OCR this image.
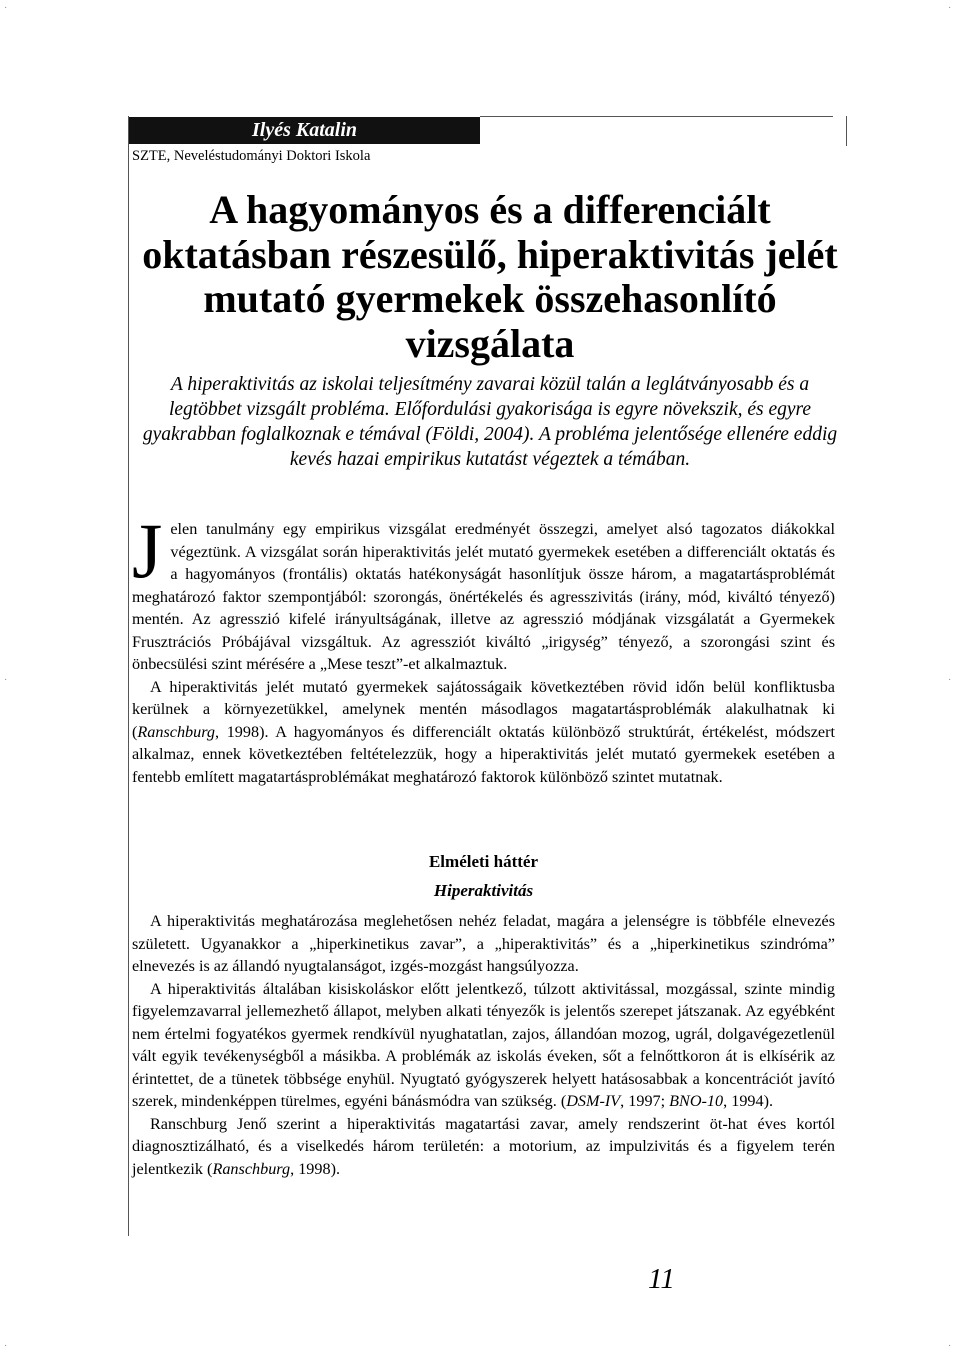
·	·
·	·
·	·
Ilyés Katalin
SZTE, Neveléstudományi Doktori Iskola
A hagyományos és a differenciált oktatásban részesülő, hiperaktivitás jelét mutató gyermekek összehasonlító vizsgálata

A hiperaktivitás az iskolai teljesítmény zavarai közül talán a leglátványosabb és a legtöbbet vizsgált probléma. Előfordulási gyakorisága is egyre növekszik, és egyre gyakrabban foglalkoznak e témával (Földi, 2004). A probléma jelentősége ellenére eddig kevés hazai empirikus kutatást végeztek a témában.

Jelen tanulmány egy empirikus vizsgálat eredményét összegzi, amelyet alsó tagozatos diákokkal végeztünk. A vizsgálat során hiperaktivitás jelét mutató gyermekek esetében a differenciált oktatás és a hagyományos (frontális) oktatás hatékonyságát hasonlítjuk össze három, a magatartásproblémát meghatározó faktor szempontjából: szorongás, önértékelés és agresszivitás (irány, mód, kiváltó tényező) mentén. Az agresszió kifelé irányultságának, illetve az agresszió módjának vizsgálatát a Gyermekek Frusztrációs Próbájával vizsgáltuk. Az agressziót kiváltó „irigység” tényező, a szorongási szint és önbecsülési szint mérésére a „Mese teszt”-et alkalmaztuk.

A hiperaktivitás jelét mutató gyermekek sajátosságaik következtében rövid időn belül konfliktusba kerülnek a környezetükkel, amelynek mentén másodlagos magatartásproblémák alakulhatnak ki (Ranschburg, 1998). A hagyományos és differenciált oktatás különböző struktúrát, értékelést, módszert alkalmaz, ennek következtében feltételezzük, hogy a hiperaktivitás jelét mutató gyermekek esetében a fentebb említett magatartásproblémákat meghatározó faktorok különböző szintet mutatnak.

Elméleti háttér
Hiperaktivitás

A hiperaktivitás meghatározása meglehetősen nehéz feladat, magára a jelenségre is többféle elnevezés született. Ugyanakkor a „hiperkinetikus zavar”, a „hiperaktivitás” és a „hiperkinetikus szindróma” elnevezés is az állandó nyugtalanságot, izgés-mozgást hangsúlyozza.

A hiperaktivitás általában kisiskoláskor előtt jelentkező, túlzott aktivitással, mozgással, szinte mindig figyelemzavarral jellemezhető állapot, melyben alkati tényezők is jelentős szerepet játszanak. Az egyébként nem értelmi fogyatékos gyermek rendkívül nyughatatlan, zajos, állandóan mozog, ugrál, dolgavégezetlenül vált egyik tevékenységből a másikba. A problémák az iskolás éveken, sőt a felnőttkoron át is elkísérik az érintettet, de a tünetek többsége enyhül. Nyugtató gyógyszerek helyett hatásosabbak a koncentrációt javító szerek, mindenképpen türelmes, egyéni bánásmódra van szükség. (DSM-IV, 1997; BNO-10, 1994).

Ranschburg Jenő szerint a hiperaktivitás magatartási zavar, amely rendszerint öt-hat éves kortól diagnosztizálható, és a viselkedés három területén: a motorium, az impulzivitás és a figyelem terén jelentkezik (Ranschburg, 1998).

11
